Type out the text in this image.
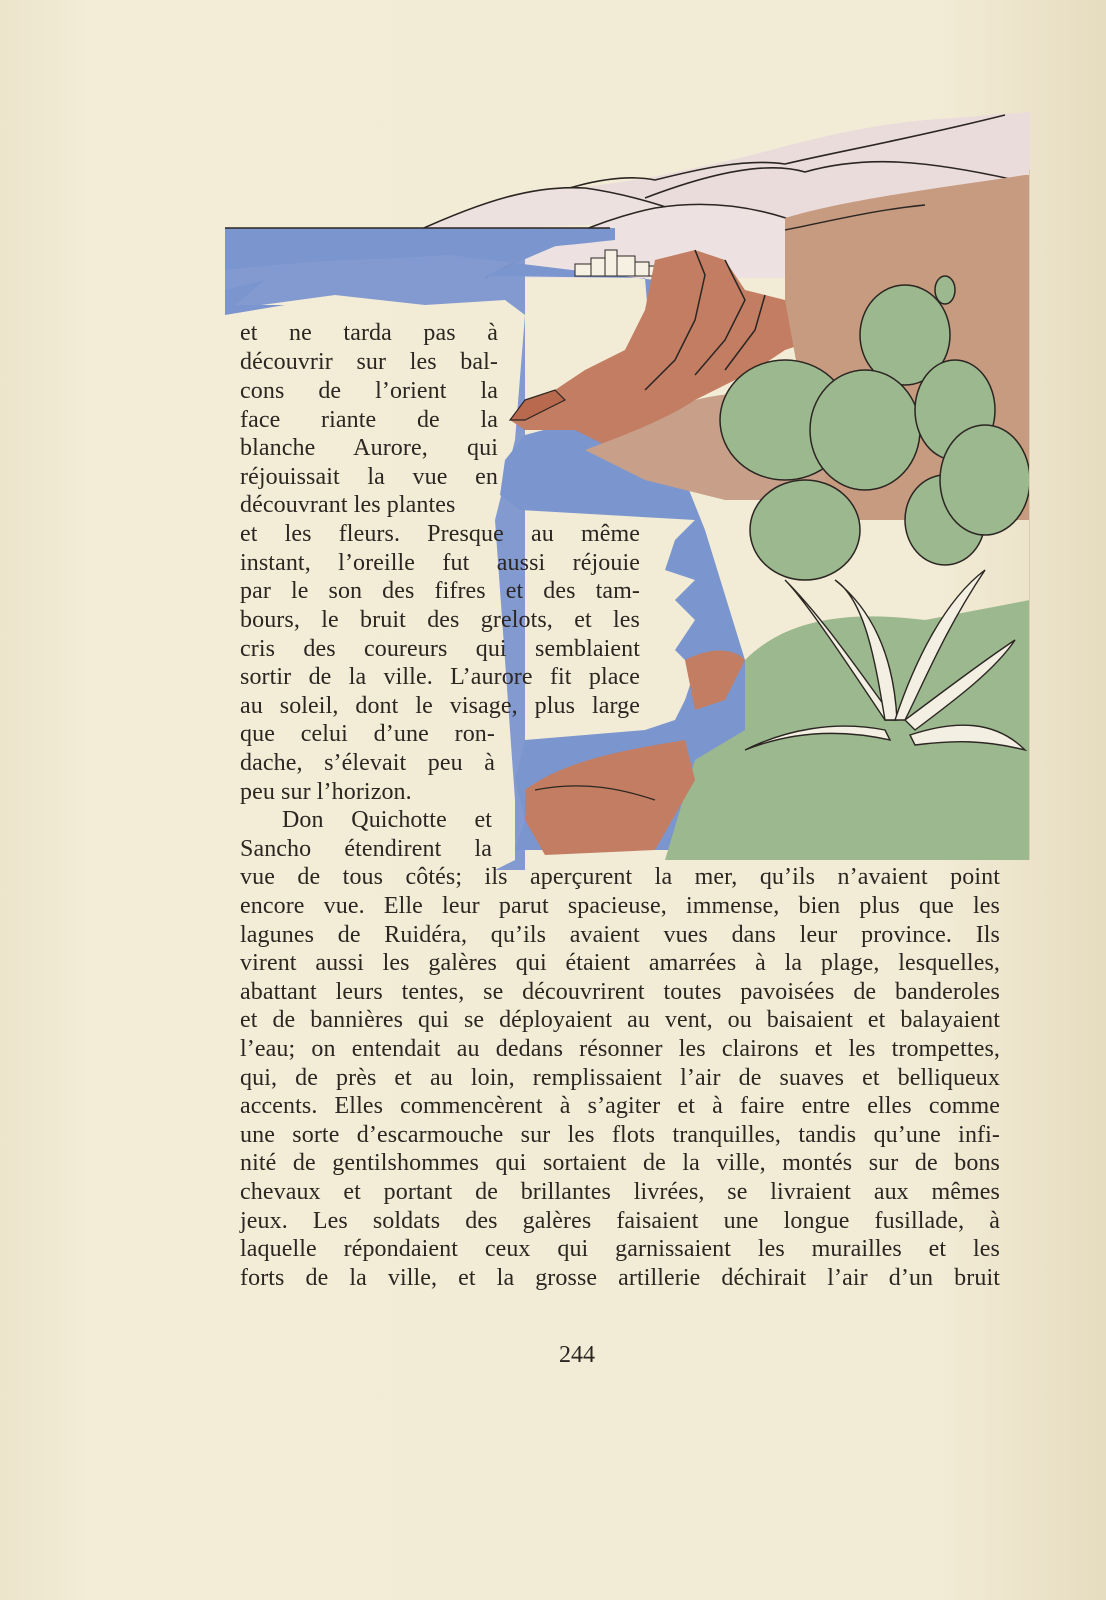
et ne tarda pas à
découvrir sur les bal-
cons de l’orient la
face riante de la
blanche Aurore, qui
réjouissait la vue en
découvrant les plantes
et les fleurs. Presque au même
instant, l’oreille fut aussi réjouie
par le son des fifres et des tam-
bours, le bruit des grelots, et les
cris des coureurs qui semblaient
sortir de la ville. L’aurore fit place
au soleil, dont le visage, plus large
que celui d’une ron-
dache, s’élevait peu à
peu sur l’horizon.
Don Quichotte et
Sancho étendirent la
vue de tous côtés; ils aperçurent la mer, qu’ils n’avaient point
encore vue. Elle leur parut spacieuse, immense, bien plus que les
lagunes de Ruidéra, qu’ils avaient vues dans leur province. Ils
virent aussi les galères qui étaient amarrées à la plage, lesquelles,
abattant leurs tentes, se découvrirent toutes pavoisées de banderoles
et de bannières qui se déployaient au vent, ou baisaient et balayaient
l’eau; on entendait au dedans résonner les clairons et les trompettes,
qui, de près et au loin, remplissaient l’air de suaves et belliqueux
accents. Elles commencèrent à s’agiter et à faire entre elles comme
une sorte d’escarmouche sur les flots tranquilles, tandis qu’une infi-
nité de gentilshommes qui sortaient de la ville, montés sur de bons
chevaux et portant de brillantes livrées, se livraient aux mêmes
jeux. Les soldats des galères faisaient une longue fusillade, à
laquelle répondaient ceux qui garnissaient les murailles et les
forts de la ville, et la grosse artillerie déchirait l’air d’un bruit
244
